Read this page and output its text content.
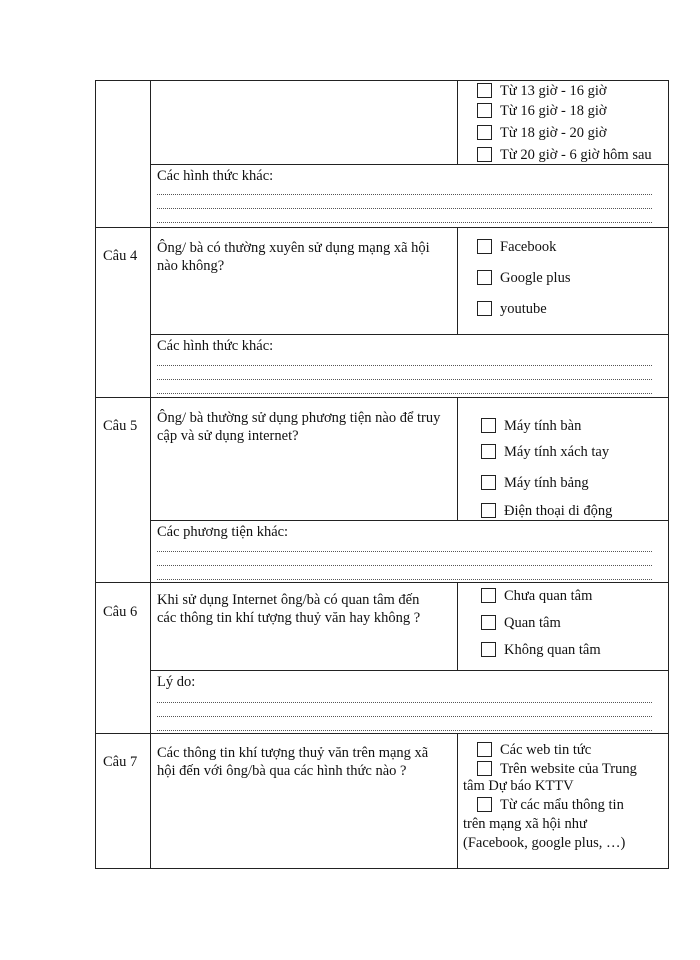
Từ 13 giờ - 16 giờ
Từ 16 giờ - 18 giờ
Từ 18 giờ - 20 giờ
Từ 20 giờ - 6 giờ hôm sau
Các hình thức khác:
Câu 4 Ông/ bà có thường xuyên sử dụng mạng xã hội nào không?
Facebook
Google plus
youtube
Các hình thức khác:
Câu 5 Ông/ bà thường sử dụng phương tiện nào để truy cập và sử dụng internet?
Máy tính bàn
Máy tính xách tay
Máy tính bảng
Điện thoại di động
Các phương tiện khác:
Câu 6
Khi sử dụng Internet ông/bà có quan tâm đến các thông tin khí tượng thuỷ văn hay không ?
Chưa quan tâm
Quan tâm
Không quan tâm
Lý do:
Câu 7
Các thông tin khí tượng thuỷ văn trên mạng xã hội đến với ông/bà qua các hình thức nào ?
Các web tin tức
Trên website của Trung
tâm Dự báo KTTV
Từ các mẩu thông tin
trên mạng xã hội như
(Facebook, google plus, …)
